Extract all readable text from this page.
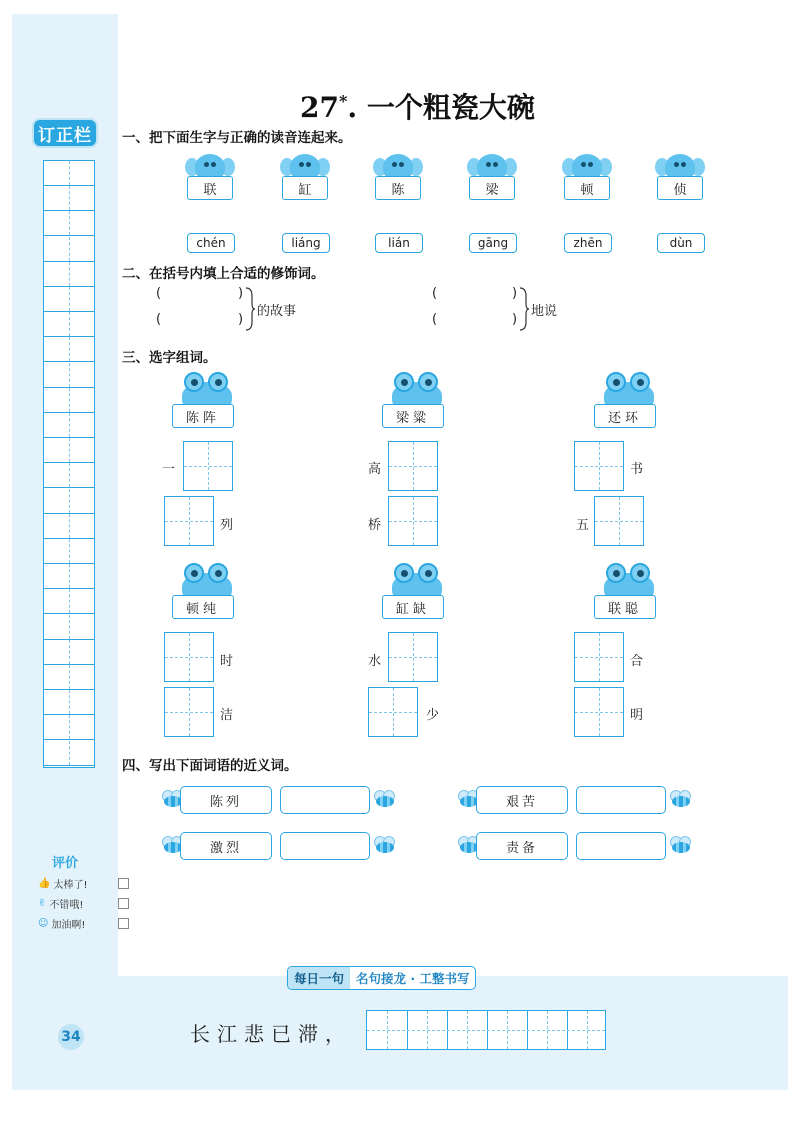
订正栏
评价
👍 太棒了!
✌ 不错哦!
☺ 加油啊!
34
27*. 一个粗瓷大碗
一、把下面生字与正确的读音连起来。
联	缸	陈	梁	顿	侦
chén	liáng	lián	gāng	zhēn	dùn
二、在括号内填上合适的修饰词。
(	)
(	)
的故事
(	)
(	)
地说
三、选字组词。
陈阵
一
列
梁粱
高
桥
还环
书
五
顿纯
时
洁
缸缺
水
少
联聪
合
明
四、写出下面词语的近义词。
陈列	艰苦
激烈	责备
每日一句 名句接龙 · 工整书写
长江悲已滞，
